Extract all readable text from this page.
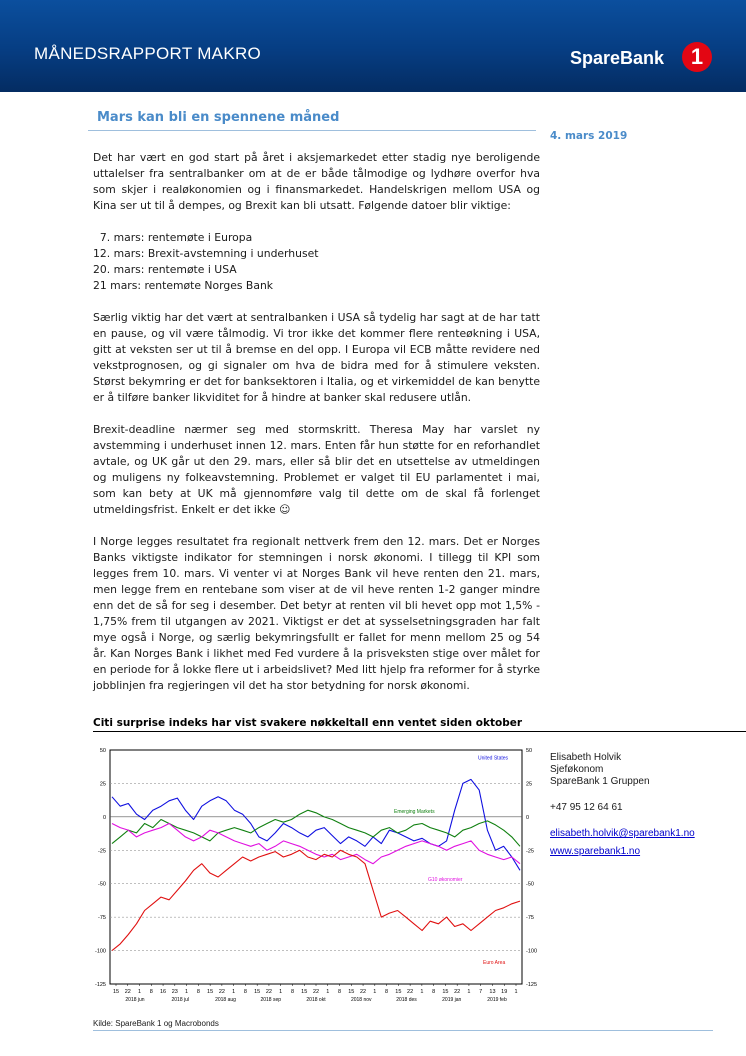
MÅNEDSRAPPORT MAKRO	SpareBank	1
Mars kan bli en spennene måned
4. mars 2019

Det har vært en god start på året i aksjemarkedet etter stadig nye beroligende uttalelser fra sentralbanker om at de er både tålmodige og lydhøre overfor hva som skjer i realøkonomien og i finansmarkedet. Handelskrigen mellom USA og Kina ser ut til å dempes, og Brexit kan bli utsatt. Følgende datoer blir viktige:

7. mars: rentemøte i Europa
12. mars: Brexit-avstemning i underhuset
20. mars: rentemøte i USA
21 mars: rentemøte Norges Bank

Særlig viktig har det vært at sentralbanken i USA så tydelig har sagt at de har tatt en pause, og vil være tålmodig. Vi tror ikke det kommer flere renteøkning i USA, gitt at veksten ser ut til å bremse en del opp. I Europa vil ECB måtte revidere ned vekstprognosen, og gi signaler om hva de bidra med for å stimulere veksten. Størst bekymring er det for banksektoren i Italia, og et virkemiddel de kan benytte er å tilføre banker likviditet for å hindre at banker skal redusere utlån.

Brexit-deadline nærmer seg med stormskritt. Theresa May har varslet ny avstemming i underhuset innen 12. mars. Enten får hun støtte for en reforhandlet avtale, og UK går ut den 29. mars, eller så blir det en utsettelse av utmeldingen og muligens ny folkeavstemning. Problemet er valget til EU parlamentet i mai, som kan bety at UK må gjennomføre valg til dette om de skal få forlenget utmeldingsfrist. Enkelt er det ikke ☺

I Norge legges resultatet fra regionalt nettverk frem den 12. mars. Det er Norges Banks viktigste indikator for stemningen i norsk økonomi. I tillegg til KPI som legges frem 10. mars. Vi venter vi at Norges Bank vil heve renten den 21. mars, men legge frem en rentebane som viser at de vil heve renten 1-2 ganger mindre enn det de så for seg i desember. Det betyr at renten vil bli hevet opp mot 1,5% - 1,75% frem til utgangen av 2021. Viktigst er det at sysselsetningsgraden har falt mye også i Norge, og særlig bekymringsfullt er fallet for menn mellom 25 og 54 år. Kan Norges Bank i likhet med Fed vurdere å la prisveksten stige over målet for en periode for å lokke flere ut i arbeidslivet? Med litt hjelp fra reformer for å styrke jobblinjen fra regjeringen vil det ha stor betydning for norsk økonomi.

Citi surprise indeks har vist svakere nøkkeltall enn ventet siden oktober
50
25
0
-25
-50
-75
-100
-125
50
25
0
-25
-50
-75
-100
-125
15 22 1 8 16 23 1 8 15 22 1 8 15 22 1 8 15 22 1 8 15 22 1 8 15 22 1 8 15 22 1 7 13 19 1
2018 jun	2018 jul	2018 aug	2018 sep	2018 okt	2018 nov	2018 des	2019 jan	2019 feb
United States
Emerging Markets
G10 økonomier
Euro Area
Kilde: SpareBank 1 og Macrobonds
Elisabeth Holvik
Sjeføkonom
SpareBank 1 Gruppen
+47 95 12 64 61
elisabeth.holvik@sparebank1.no
www.sparebank1.no
